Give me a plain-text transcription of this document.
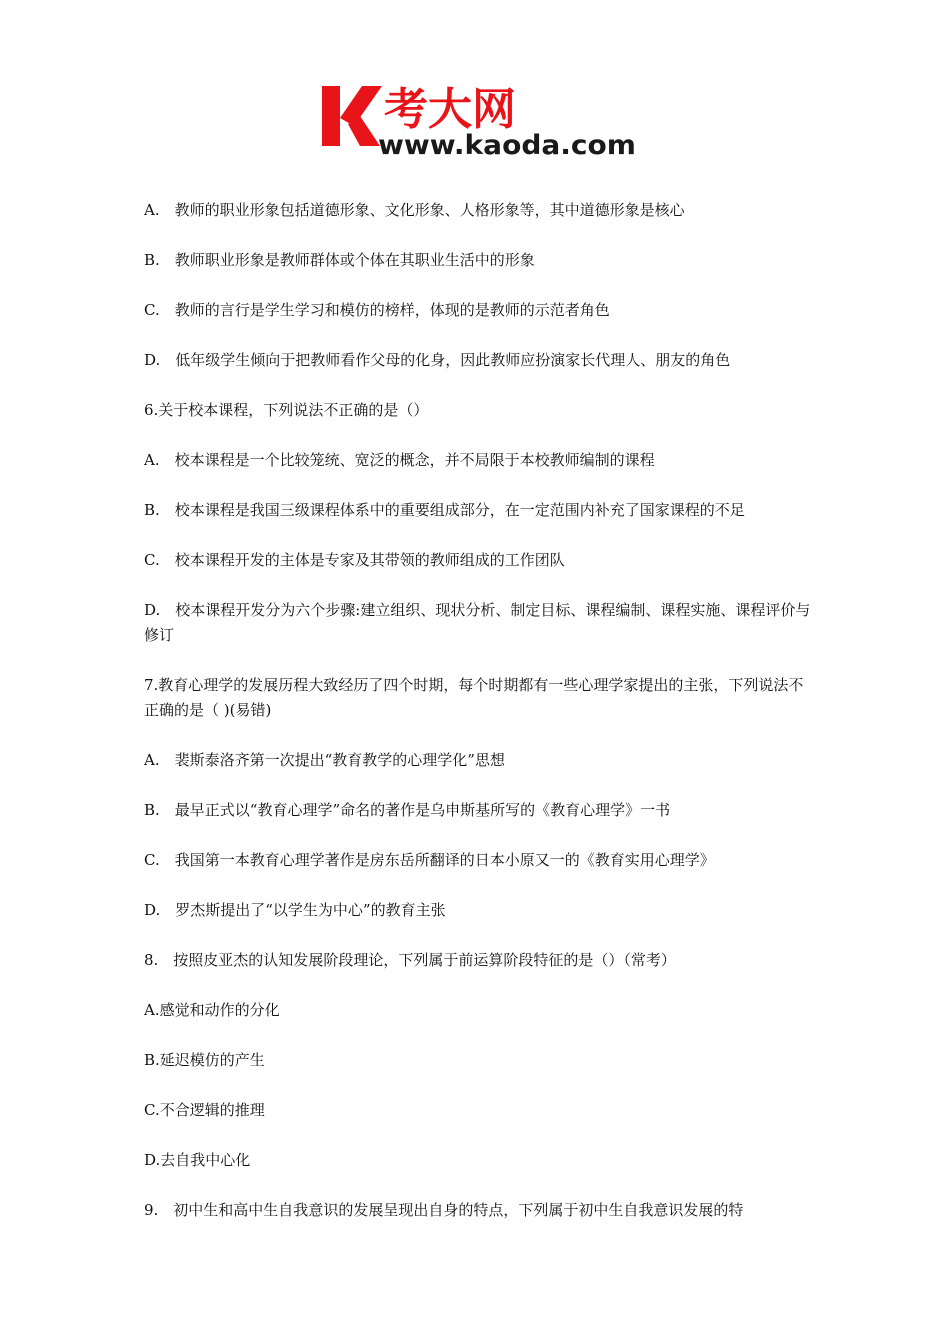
考大网
www.kaoda.com
A.　教师的职业形象包括道德形象、文化形象、人格形象等，其中道德形象是核心
B.　教师职业形象是教师群体或个体在其职业生活中的形象
C.　教师的言行是学生学习和模仿的榜样，体现的是教师的示范者角色
D.　低年级学生倾向于把教师看作父母的化身，因此教师应扮演家长代理人、朋友的角色
6.关于校本课程，下列说法不正确的是（）
A.　校本课程是一个比较笼统、宽泛的概念，并不局限于本校教师编制的课程
B.　校本课程是我国三级课程体系中的重要组成部分，在一定范围内补充了国家课程的不足
C.　校本课程开发的主体是专家及其带领的教师组成的工作团队
D.　校本课程开发分为六个步骤:建立组织、现状分析、制定目标、课程编制、课程实施、课程评价与修订
7.教育心理学的发展历程大致经历了四个时期，每个时期都有一些心理学家提出的主张，下列说法不正确的是（ )(易错)
A.　裴斯泰洛齐第一次提出“教育教学的心理学化”思想
B.　最早正式以“教育心理学”命名的著作是乌申斯基所写的《教育心理学》一书
C.　我国第一本教育心理学著作是房东岳所翻译的日本小原又一的《教育实用心理学》
D.　罗杰斯提出了“以学生为中心”的教育主张
8.　按照皮亚杰的认知发展阶段理论，下列属于前运算阶段特征的是（）（常考）
A.感觉和动作的分化
B.延迟模仿的产生
C.不合逻辑的推理
D.去自我中心化
9.　初中生和高中生自我意识的发展呈现出自身的特点，下列属于初中生自我意识发展的特
